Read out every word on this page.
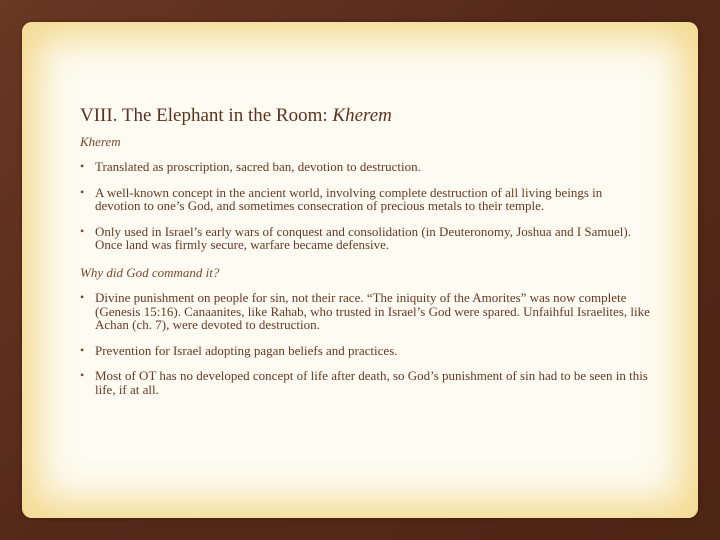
VIII. The Elephant in the Room: Kherem
Kherem
• Translated as proscription, sacred ban, devotion to destruction.
• A well-known concept in the ancient world, involving complete destruction of all living beings in devotion to one’s God, and sometimes consecration of precious metals to their temple.
• Only used in Israel’s early wars of conquest and consolidation (in Deuteronomy, Joshua and I Samuel). Once land was firmly secure, warfare became defensive.
Why did God command it?
• Divine punishment on people for sin, not their race. “The iniquity of the Amorites” was now complete (Genesis 15:16). Canaanites, like Rahab, who trusted in Israel’s God were spared. Unfaihful Israelites, like Achan (ch. 7), were devoted to destruction.
• Prevention for Israel adopting pagan beliefs and practices.
• Most of OT has no developed concept of life after death, so God’s punishment of sin had to be seen in this life, if at all.
